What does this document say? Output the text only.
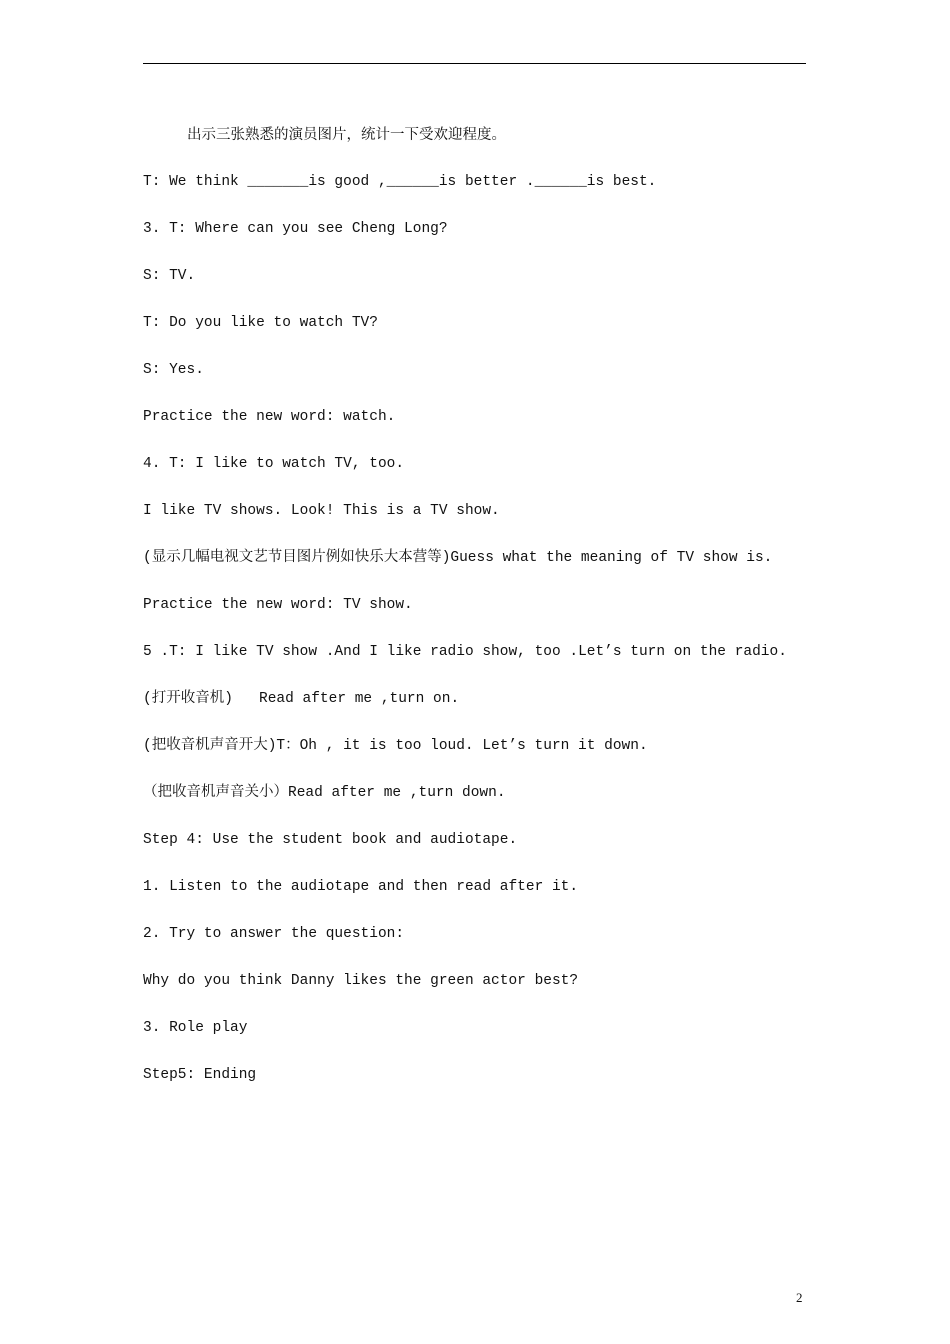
出示三张熟悉的演员图片，统计一下受欢迎程度。
T: We think _______is good ,______is better .______is best.
3. T: Where can you see Cheng Long?
S: TV.
T: Do you like to watch TV?
S: Yes.
Practice the new word: watch.
4. T: I like to watch TV, too.
I like TV shows. Look! This is a TV show.
(显示几幅电视文艺节目图片例如快乐大本营等)Guess what the meaning of TV show is.
Practice the new word: TV show.
5 .T: I like TV show .And I like radio show, too .Let’s turn on the radio.
(打开收音机)   Read after me ,turn on.
(把收音机声音开大)T：Oh , it is too loud. Let’s turn it down.
（把收音机声音关小）Read after me ,turn down.
Step 4: Use the student book and audiotape.
1. Listen to the audiotape and then read after it.
2. Try to answer the question:
Why do you think Danny likes the green actor best?
3. Role play
Step5: Ending
2
